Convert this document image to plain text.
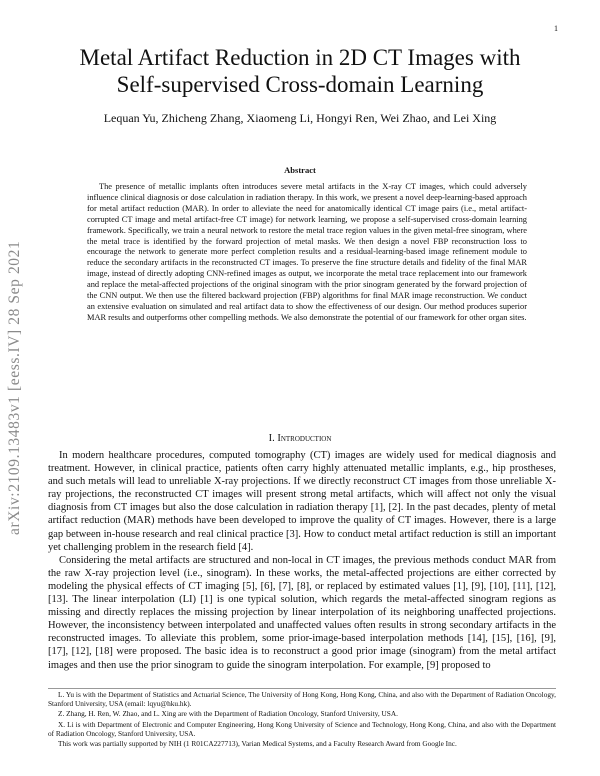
1
arXiv:2109.13483v1 [eess.IV] 28 Sep 2021
Metal Artifact Reduction in 2D CT Images with
Self-supervised Cross-domain Learning
Lequan Yu, Zhicheng Zhang, Xiaomeng Li, Hongyi Ren, Wei Zhao, and Lei Xing
Abstract

The presence of metallic implants often introduces severe metal artifacts in the X-ray CT images, which could adversely influence clinical diagnosis or dose calculation in radiation therapy. In this work, we present a novel deep-learning-based approach for metal artifact reduction (MAR). In order to alleviate the need for anatomically identical CT image pairs (i.e., metal artifact-corrupted CT image and metal artifact-free CT image) for network learning, we propose a self-supervised cross-domain learning framework. Specifically, we train a neural network to restore the metal trace region values in the given metal-free sinogram, where the metal trace is identified by the forward projection of metal masks. We then design a novel FBP reconstruction loss to encourage the network to generate more perfect completion results and a residual-learning-based image refinement module to reduce the secondary artifacts in the reconstructed CT images. To preserve the fine structure details and fidelity of the final MAR image, instead of directly adopting CNN-refined images as output, we incorporate the metal trace replacement into our framework and replace the metal-affected projections of the original sinogram with the prior sinogram generated by the forward projection of the CNN output. We then use the filtered backward projection (FBP) algorithms for final MAR image reconstruction. We conduct an extensive evaluation on simulated and real artifact data to show the effectiveness of our design. Our method produces superior MAR results and outperforms other compelling methods. We also demonstrate the potential of our framework for other organ sites.

I. Introduction

In modern healthcare procedures, computed tomography (CT) images are widely used for medical diagnosis and treatment. However, in clinical practice, patients often carry highly attenuated metallic implants, e.g., hip prostheses, and such metals will lead to unreliable X-ray projections. If we directly reconstruct CT images from those unreliable X-ray projections, the reconstructed CT images will present strong metal artifacts, which will affect not only the visual diagnosis from CT images but also the dose calculation in radiation therapy [1], [2]. In the past decades, plenty of metal artifact reduction (MAR) methods have been developed to improve the quality of CT images. However, there is a large gap between in-house research and real clinical practice [3]. How to conduct metal artifact reduction is still an important yet challenging problem in the research field [4].

Considering the metal artifacts are structured and non-local in CT images, the previous methods conduct MAR from the raw X-ray projection level (i.e., sinogram). In these works, the metal-affected projections are either corrected by modeling the physical effects of CT imaging [5], [6], [7], [8], or replaced by estimated values [1], [9], [10], [11], [12], [13]. The linear interpolation (LI) [1] is one typical solution, which regards the metal-affected sinogram regions as missing and directly replaces the missing projection by linear interpolation of its neighboring unaffected projections. However, the inconsistency between interpolated and unaffected values often results in strong secondary artifacts in the reconstructed images. To alleviate this problem, some prior-image-based interpolation methods [14], [15], [16], [9], [17], [12], [18] were proposed. The basic idea is to reconstruct a good prior image (sinogram) from the metal artifact images and then use the prior sinogram to guide the sinogram interpolation. For example, [9] proposed to

L. Yu is with the Department of Statistics and Actuarial Science, The University of Hong Kong, Hong Kong, China, and also with the Department of Radiation Oncology, Stanford University, USA (email: lqyu@hku.hk).

Z. Zhang, H. Ren, W. Zhao, and L. Xing are with the Department of Radiation Oncology, Stanford University, USA.

X. Li is with Department of Electronic and Computer Engineering, Hong Kong University of Science and Technology, Hong Kong, China, and also with the Department of Radiation Oncology, Stanford University, USA.

This work was partially supported by NIH (1 R01CA227713), Varian Medical Systems, and a Faculty Research Award from Google Inc.
